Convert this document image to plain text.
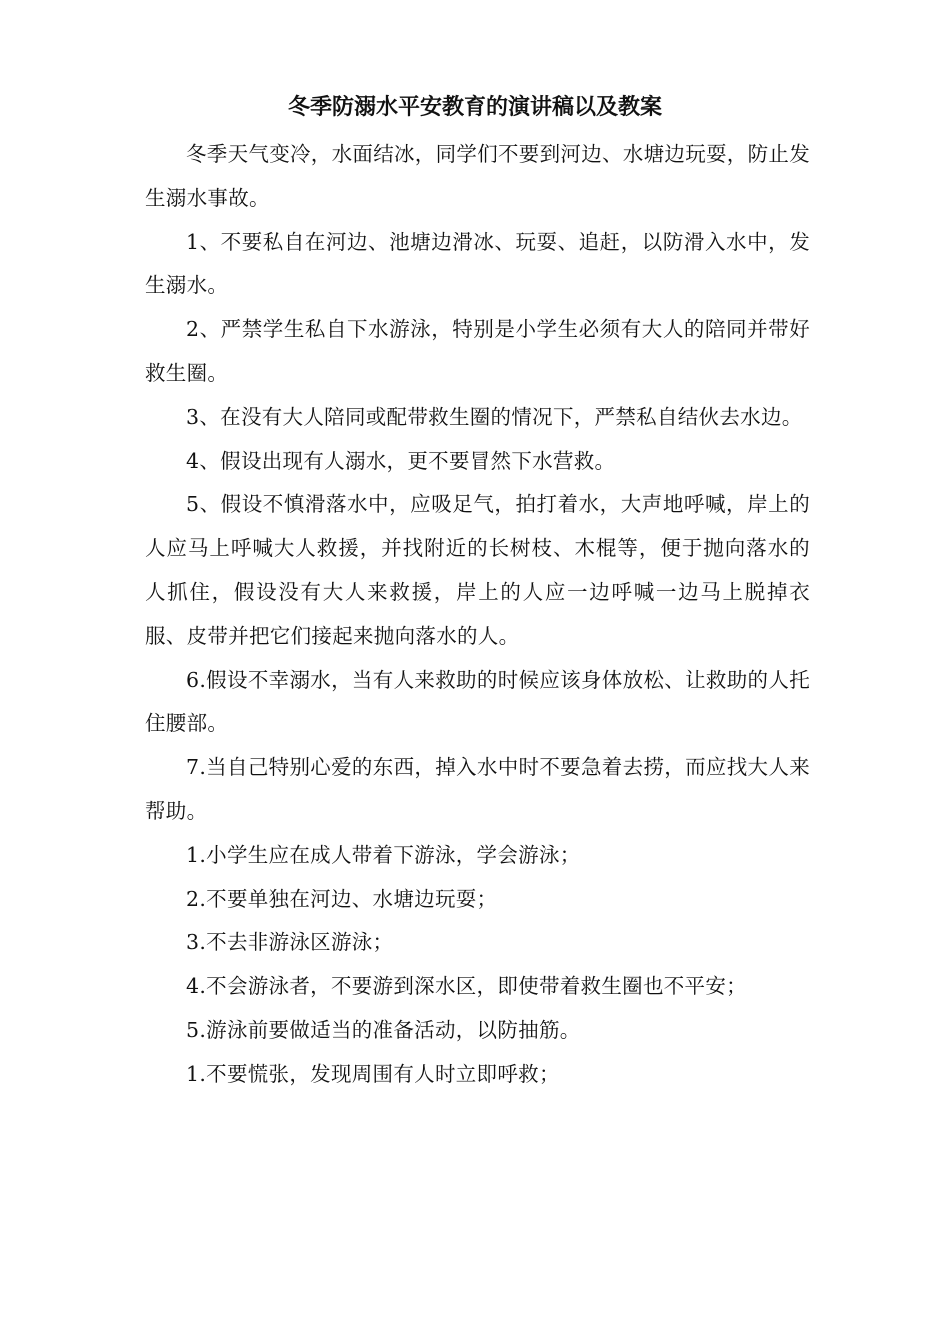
冬季防溺水平安教育的演讲稿以及教案

冬季天气变冷，水面结冰，同学们不要到河边、水塘边玩耍，防止发生溺水事故。

1、不要私自在河边、池塘边滑冰、玩耍、追赶，以防滑入水中，发生溺水。

2、严禁学生私自下水游泳，特别是小学生必须有大人的陪同并带好救生圈。

3、在没有大人陪同或配带救生圈的情况下，严禁私自结伙去水边。

4、假设出现有人溺水，更不要冒然下水营救。

5、假设不慎滑落水中，应吸足气，拍打着水，大声地呼喊，岸上的人应马上呼喊大人救援，并找附近的长树枝、木棍等，便于抛向落水的人抓住，假设没有大人来救援，岸上的人应一边呼喊一边马上脱掉衣服、皮带并把它们接起来抛向落水的人。

6.假设不幸溺水，当有人来救助的时候应该身体放松、让救助的人托住腰部。

7.当自己特别心爱的东西，掉入水中时不要急着去捞，而应找大人来帮助。

1.小学生应在成人带着下游泳，学会游泳；

2.不要单独在河边、水塘边玩耍；

3.不去非游泳区游泳；

4.不会游泳者，不要游到深水区，即使带着救生圈也不平安；

5.游泳前要做适当的准备活动，以防抽筋。

1.不要慌张，发现周围有人时立即呼救；
